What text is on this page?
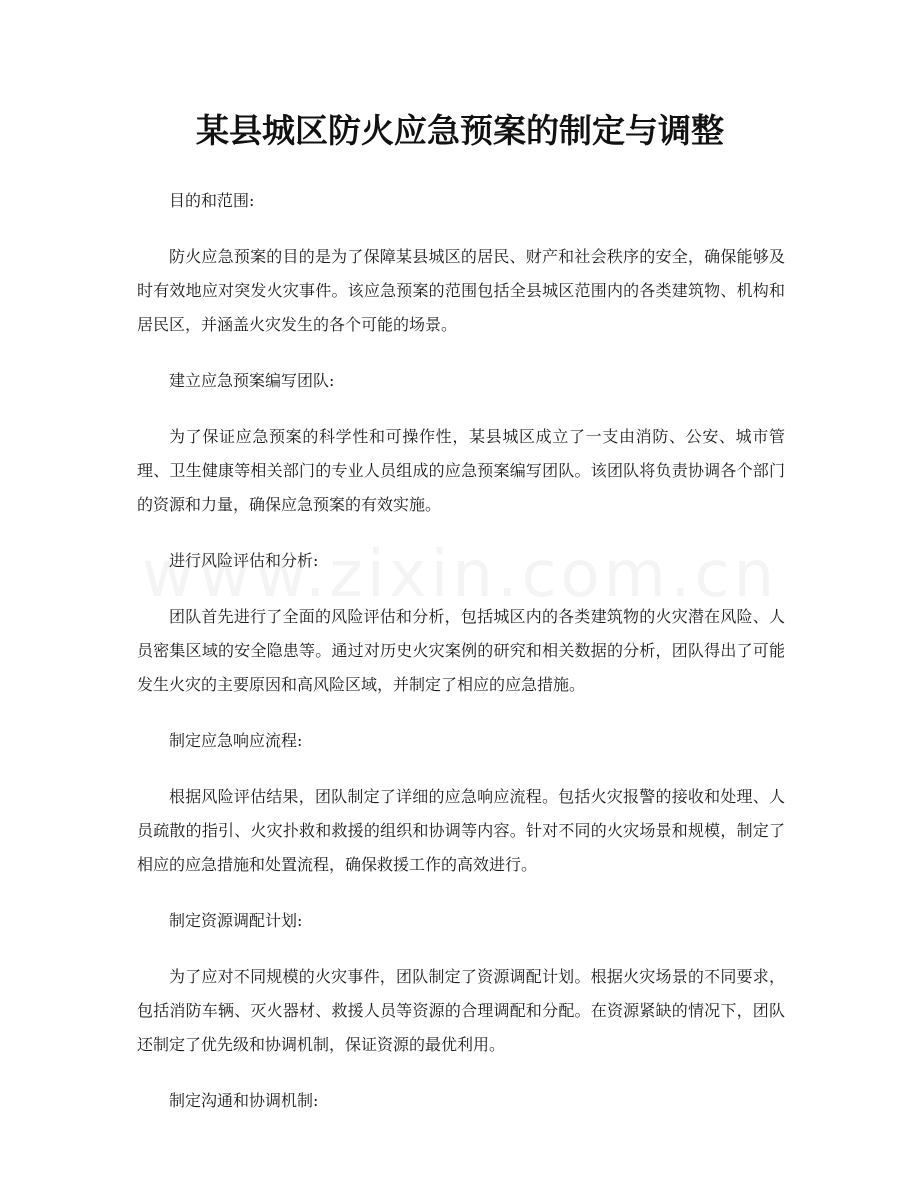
某县城区防火应急预案的制定与调整

目的和范围:

防火应急预案的目的是为了保障某县城区的居民、财产和社会秩序的安全，确保能够及时有效地应对突发火灾事件。该应急预案的范围包括全县城区范围内的各类建筑物、机构和居民区，并涵盖火灾发生的各个可能的场景。

建立应急预案编写团队:

为了保证应急预案的科学性和可操作性，某县城区成立了一支由消防、公安、城市管理、卫生健康等相关部门的专业人员组成的应急预案编写团队。该团队将负责协调各个部门的资源和力量，确保应急预案的有效实施。

进行风险评估和分析:

团队首先进行了全面的风险评估和分析，包括城区内的各类建筑物的火灾潜在风险、人员密集区域的安全隐患等。通过对历史火灾案例的研究和相关数据的分析，团队得出了可能发生火灾的主要原因和高风险区域，并制定了相应的应急措施。

制定应急响应流程:

根据风险评估结果，团队制定了详细的应急响应流程。包括火灾报警的接收和处理、人员疏散的指引、火灾扑救和救援的组织和协调等内容。针对不同的火灾场景和规模，制定了相应的应急措施和处置流程，确保救援工作的高效进行。

制定资源调配计划:

为了应对不同规模的火灾事件，团队制定了资源调配计划。根据火灾场景的不同要求，包括消防车辆、灭火器材、救援人员等资源的合理调配和分配。在资源紧缺的情况下，团队还制定了优先级和协调机制，保证资源的最优利用。

制定沟通和协调机制:
